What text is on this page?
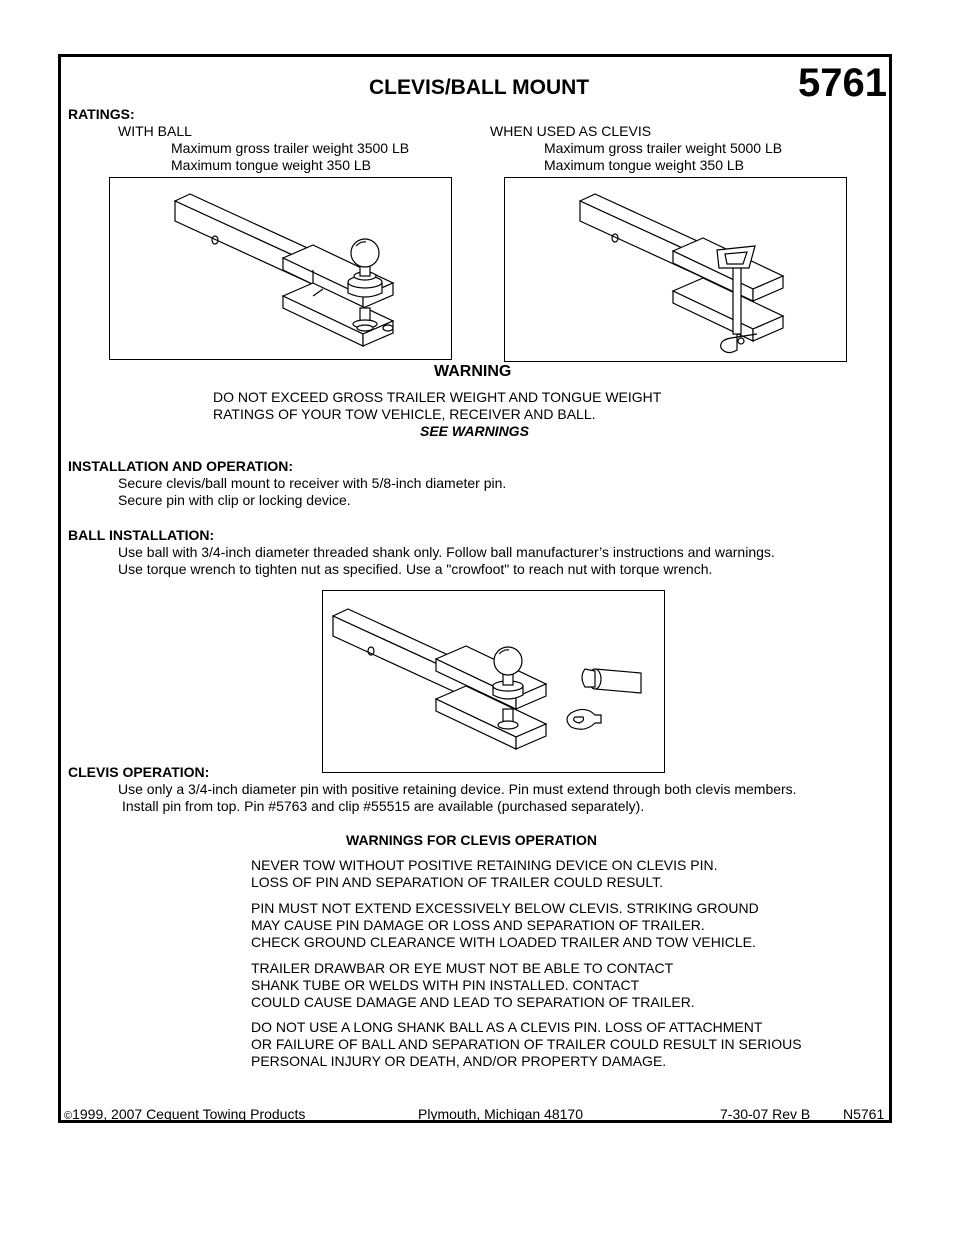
CLEVIS/BALL MOUNT	5761
RATINGS:
WITH BALL
Maximum gross trailer weight 3500 LB
Maximum tongue weight 350 LB
WHEN USED AS CLEVIS
Maximum gross trailer weight 5000 LB
Maximum tongue weight 350 LB
WARNING
DO NOT EXCEED GROSS TRAILER WEIGHT AND TONGUE WEIGHT
RATINGS OF YOUR TOW VEHICLE, RECEIVER AND BALL.
SEE WARNINGS
INSTALLATION AND OPERATION:
Secure clevis/ball mount to receiver with 5/8-inch diameter pin.
Secure pin with clip or locking device.
BALL INSTALLATION:
Use ball with 3/4-inch diameter threaded shank only. Follow ball manufacturer’s instructions and warnings.
Use torque wrench to tighten nut as specified. Use a "crowfoot" to reach nut with torque wrench.
CLEVIS OPERATION:
Use only a 3/4-inch diameter pin with positive retaining device. Pin must extend through both clevis members.
Install pin from top. Pin #5763 and clip #55515 are available (purchased separately).
WARNINGS FOR CLEVIS OPERATION
NEVER TOW WITHOUT POSITIVE RETAINING DEVICE ON CLEVIS PIN.
LOSS OF PIN AND SEPARATION OF TRAILER COULD RESULT.
PIN MUST NOT EXTEND EXCESSIVELY BELOW CLEVIS. STRIKING GROUND
MAY CAUSE PIN DAMAGE OR LOSS AND SEPARATION OF TRAILER.
CHECK GROUND CLEARANCE WITH LOADED TRAILER AND TOW VEHICLE.
TRAILER DRAWBAR OR EYE MUST NOT BE ABLE TO CONTACT
SHANK TUBE OR WELDS WITH PIN INSTALLED. CONTACT
COULD CAUSE DAMAGE AND LEAD TO SEPARATION OF TRAILER.
DO NOT USE A LONG SHANK BALL AS A CLEVIS PIN. LOSS OF ATTACHMENT
OR FAILURE OF BALL AND SEPARATION OF TRAILER COULD RESULT IN SERIOUS
PERSONAL INJURY OR DEATH, AND/OR PROPERTY DAMAGE.
©1999, 2007 Cequent Towing Products	Plymouth, Michigan 48170	7-30-07 Rev B N5761
